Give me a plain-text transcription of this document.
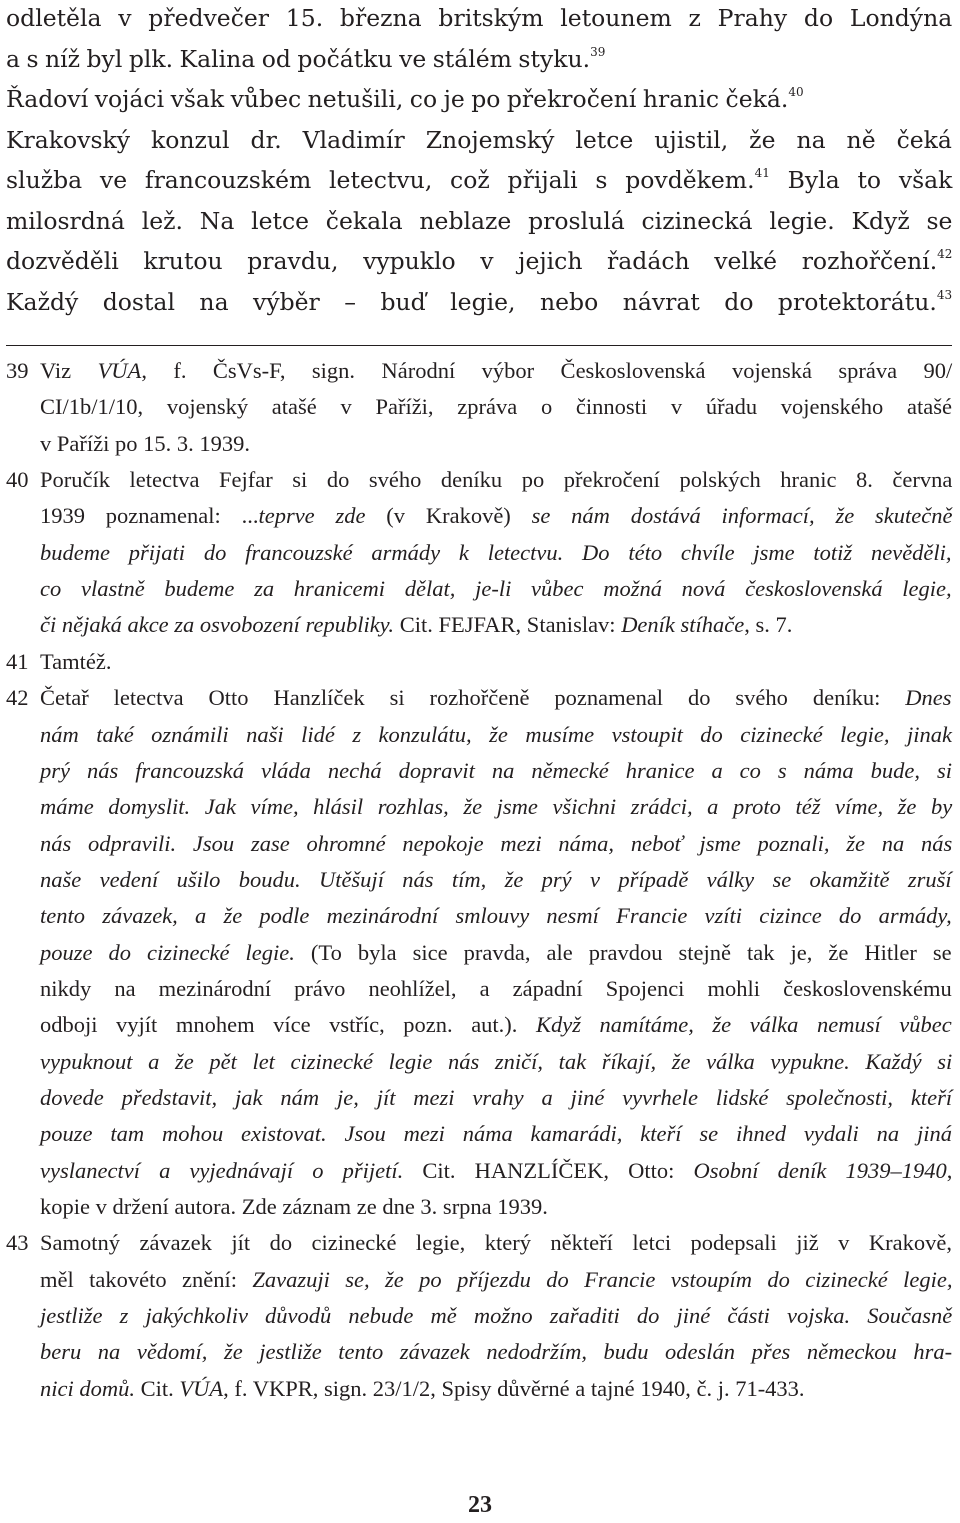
odletěla v předvečer 15. března britským letounem z Prahy do Londýna
a s níž byl plk. Kalina od počátku ve stálém styku.$^{39}$
Řadoví vojáci však vůbec netušili, co je po překročení hranic čeká.$^{40}$
Krakovský konzul dr. Vladimír Znojemský letce ujistil, že na ně čeká
služba ve francouzském letectvu, což přijali s povděkem.$^{41}$ Byla to však
milosrdná lež. Na letce čekala neblaze proslulá cizinecká legie. Když se
dozvěděli krutou pravdu, vypuklo v jejich řadách velké rozhořčení.$^{42}$
Každý dostal na výběr – buď legie, nebo návrat do protektorátu.$^{43}$
39 Viz VÚA, f. ČsVs-F, sign. Národní výbor Československá vojenská správa 90/
CI/1b/1/10, vojenský atašé v Paříži, zpráva o činnosti v úřadu vojenského atašé
v Paříži po 15. 3. 1939.
40 Poručík letectva Fejfar si do svého deníku po překročení polských hranic 8. června
1939 poznamenal: ...teprve zde (v Krakově) se nám dostává informací, že skutečně
budeme přijati do francouzské armády k letectvu. Do této chvíle jsme totiž nevěděli,
co vlastně budeme za hranicemi dělat, je-li vůbec možná nová československá legie,
či nějaká akce za osvobození republiky. Cit. FEJFAR, Stanislav: Deník stíhače, s. 7.
41 Tamtéž.
42 Četař letectva Otto Hanzlíček si rozhořčeně poznamenal do svého deníku: Dnes
nám také oznámili naši lidé z konzulátu, že musíme vstoupit do cizinecké legie, jinak
prý nás francouzská vláda nechá dopravit na německé hranice a co s náma bude, si
máme domyslit. Jak víme, hlásil rozhlas, že jsme všichni zrádci, a proto též víme, že by
nás odpravili. Jsou zase ohromné nepokoje mezi náma, neboť jsme poznali, že na nás
naše vedení ušilo boudu. Utěšují nás tím, že prý v případě války se okamžitě zruší
tento závazek, a že podle mezinárodní smlouvy nesmí Francie vzíti cizince do armády,
pouze do cizinecké legie. (To byla sice pravda, ale pravdou stejně tak je, že Hitler se
nikdy na mezinárodní právo neohlížel, a západní Spojenci mohli československému
odboji vyjít mnohem více vstříc, pozn. aut.). Když namítáme, že válka nemusí vůbec
vypuknout a že pět let cizinecké legie nás zničí, tak říkají, že válka vypukne. Každý si
dovede představit, jak nám je, jít mezi vrahy a jiné vyvrhele lidské společnosti, kteří
pouze tam mohou existovat. Jsou mezi náma kamarádi, kteří se ihned vydali na jiná
vyslanectví a vyjednávají o přijetí. Cit. HANZLÍČEK, Otto: Osobní deník 1939–1940,
kopie v držení autora. Zde záznam ze dne 3. srpna 1939.
43 Samotný závazek jít do cizinecké legie, který někteří letci podepsali již v Krakově,
měl takovéto znění: Zavazuji se, že po příjezdu do Francie vstoupím do cizinecké legie,
jestliže z jakýchkoliv důvodů nebude mě možno zařaditi do jiné části vojska. Současně
beru na vědomí, že jestliže tento závazek nedodržím, budu odeslán přes německou hra-
nici domů. Cit. VÚA, f. VKPR, sign. 23/1/2, Spisy důvěrné a tajné 1940, č. j. 71-433.
23
